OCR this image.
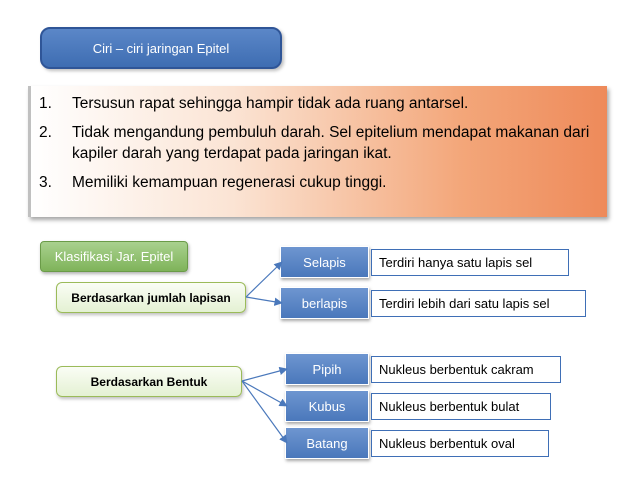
Ciri – ciri jaringan Epitel
1.	Tersusun rapat sehingga hampir tidak ada ruang antarsel.
2.	Tidak mengandung pembuluh darah. Sel epitelium mendapat makanan dari kapiler darah yang terdapat pada jaringan ikat.
3.	Memiliki kemampuan regenerasi cukup tinggi.
Klasifikasi Jar. Epitel
Berdasarkan jumlah lapisan
Berdasarkan Bentuk
Selapis	Terdiri hanya satu lapis sel
berlapis Terdiri lebih dari satu lapis sel
Pipih	Nukleus berbentuk cakram
Kubus	Nukleus berbentuk bulat
Batang Nukleus berbentuk oval
